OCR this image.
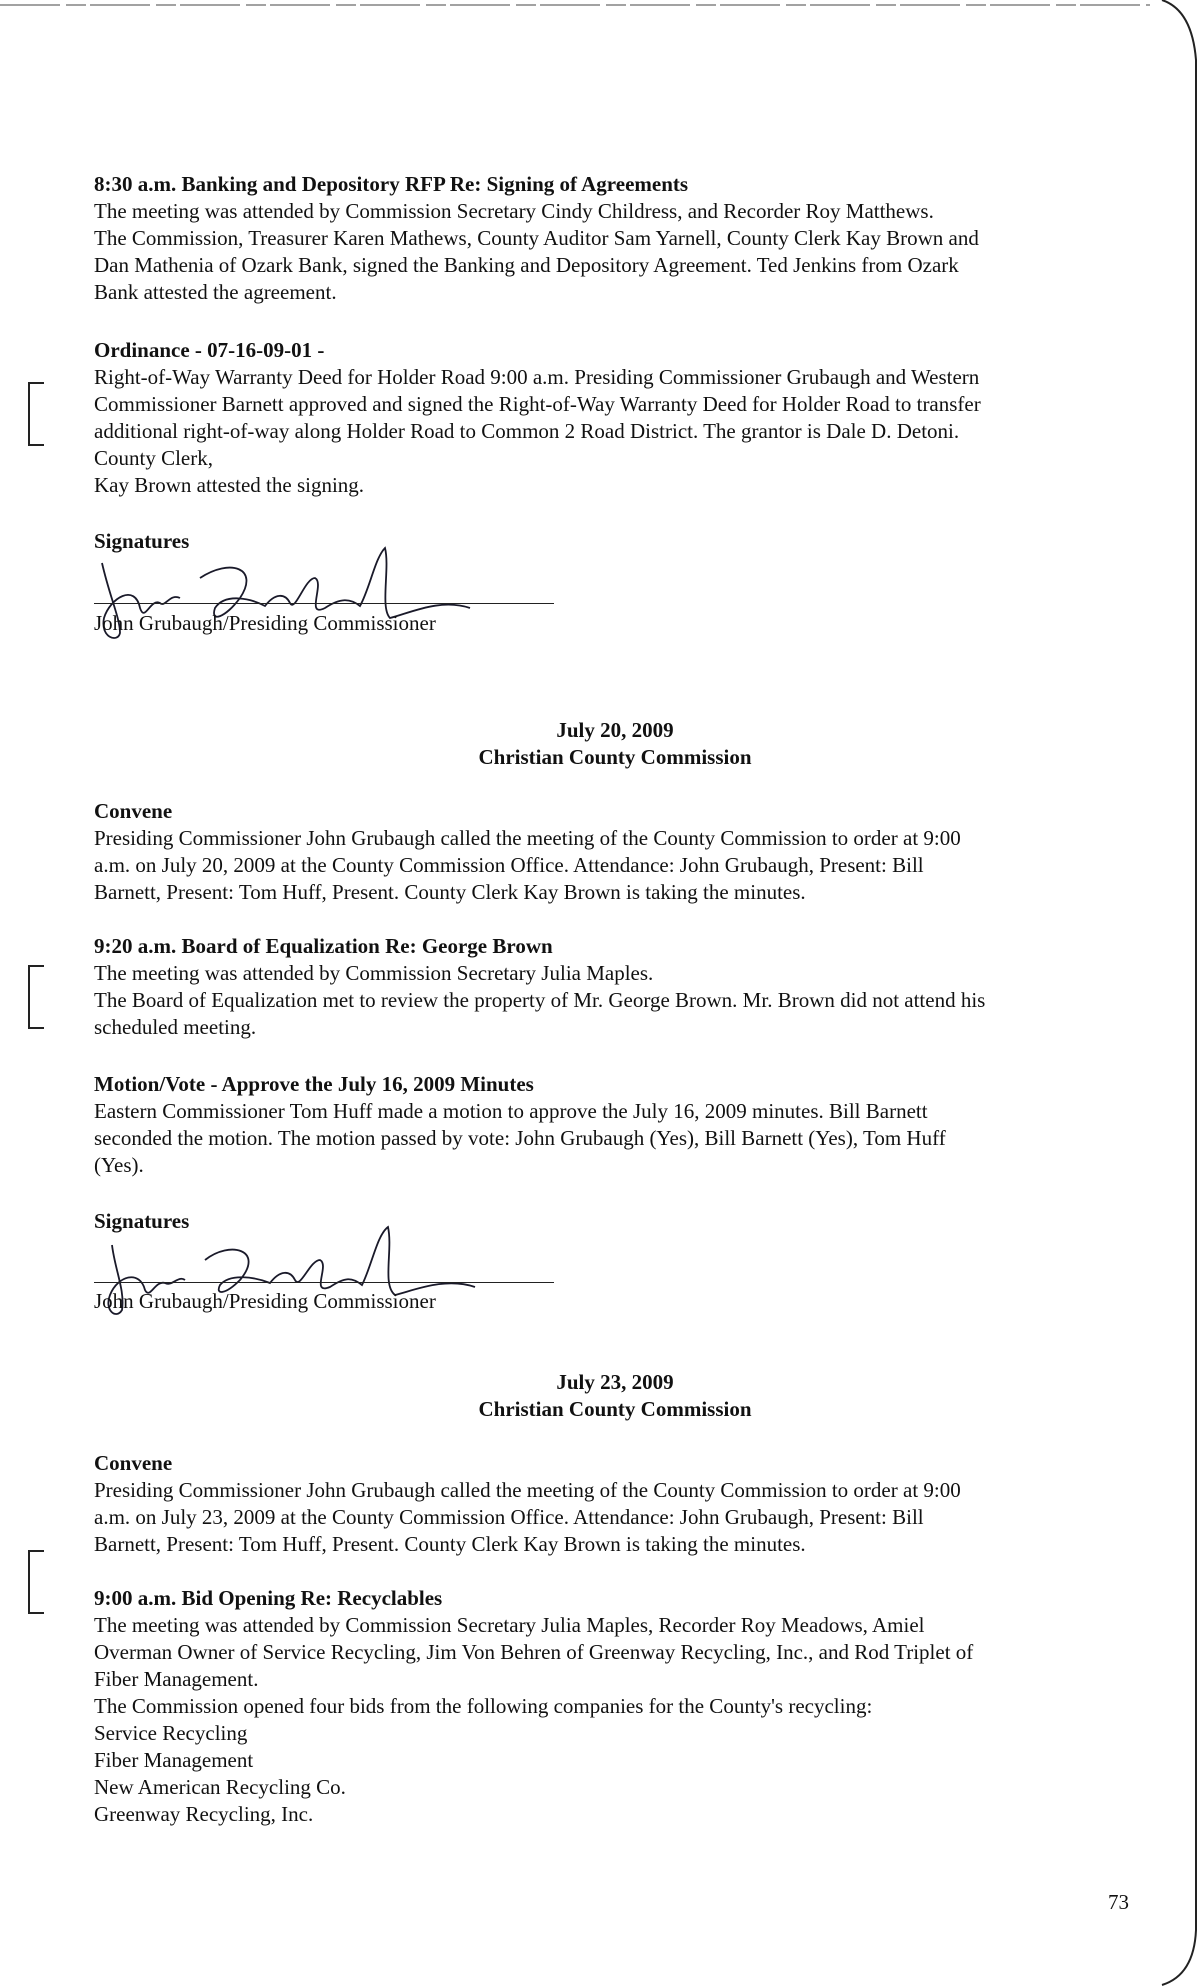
8:30 a.m. Banking and Depository RFP Re: Signing of Agreements

The meeting was attended by Commission Secretary Cindy Childress, and Recorder Roy Matthews.

The Commission, Treasurer Karen Mathews, County Auditor Sam Yarnell, County Clerk Kay Brown and

Dan Mathenia of Ozark Bank, signed the Banking and Depository Agreement. Ted Jenkins from Ozark

Bank attested the agreement.

Ordinance - 07-16-09-01 -

Right-of-Way Warranty Deed for Holder Road 9:00 a.m. Presiding Commissioner Grubaugh and Western

Commissioner Barnett approved and signed the Right-of-Way Warranty Deed for Holder Road to transfer

additional right-of-way along Holder Road to Common 2 Road District. The grantor is Dale D. Detoni.

County Clerk,

Kay Brown attested the signing.

Signatures
John Grubaugh/Presiding Commissioner
July 20, 2009
Christian County Commission

Convene

Presiding Commissioner John Grubaugh called the meeting of the County Commission to order at 9:00

a.m. on July 20, 2009 at the County Commission Office. Attendance: John Grubaugh, Present: Bill

Barnett, Present: Tom Huff, Present. County Clerk Kay Brown is taking the minutes.

9:20 a.m. Board of Equalization Re: George Brown

The meeting was attended by Commission Secretary Julia Maples.

The Board of Equalization met to review the property of Mr. George Brown. Mr. Brown did not attend his

scheduled meeting.

Motion/Vote - Approve the July 16, 2009 Minutes

Eastern Commissioner Tom Huff made a motion to approve the July 16, 2009 minutes. Bill Barnett

seconded the motion. The motion passed by vote: John Grubaugh (Yes), Bill Barnett (Yes), Tom Huff

(Yes).

Signatures
John Grubaugh/Presiding Commissioner
July 23, 2009
Christian County Commission

Convene

Presiding Commissioner John Grubaugh called the meeting of the County Commission to order at 9:00

a.m. on July 23, 2009 at the County Commission Office. Attendance: John Grubaugh, Present: Bill

Barnett, Present: Tom Huff, Present. County Clerk Kay Brown is taking the minutes.

9:00 a.m. Bid Opening Re: Recyclables

The meeting was attended by Commission Secretary Julia Maples, Recorder Roy Meadows, Amiel

Overman Owner of Service Recycling, Jim Von Behren of Greenway Recycling, Inc., and Rod Triplet of

Fiber Management.

The Commission opened four bids from the following companies for the County's recycling:

Service Recycling

Fiber Management

New American Recycling Co.

Greenway Recycling, Inc.

73
